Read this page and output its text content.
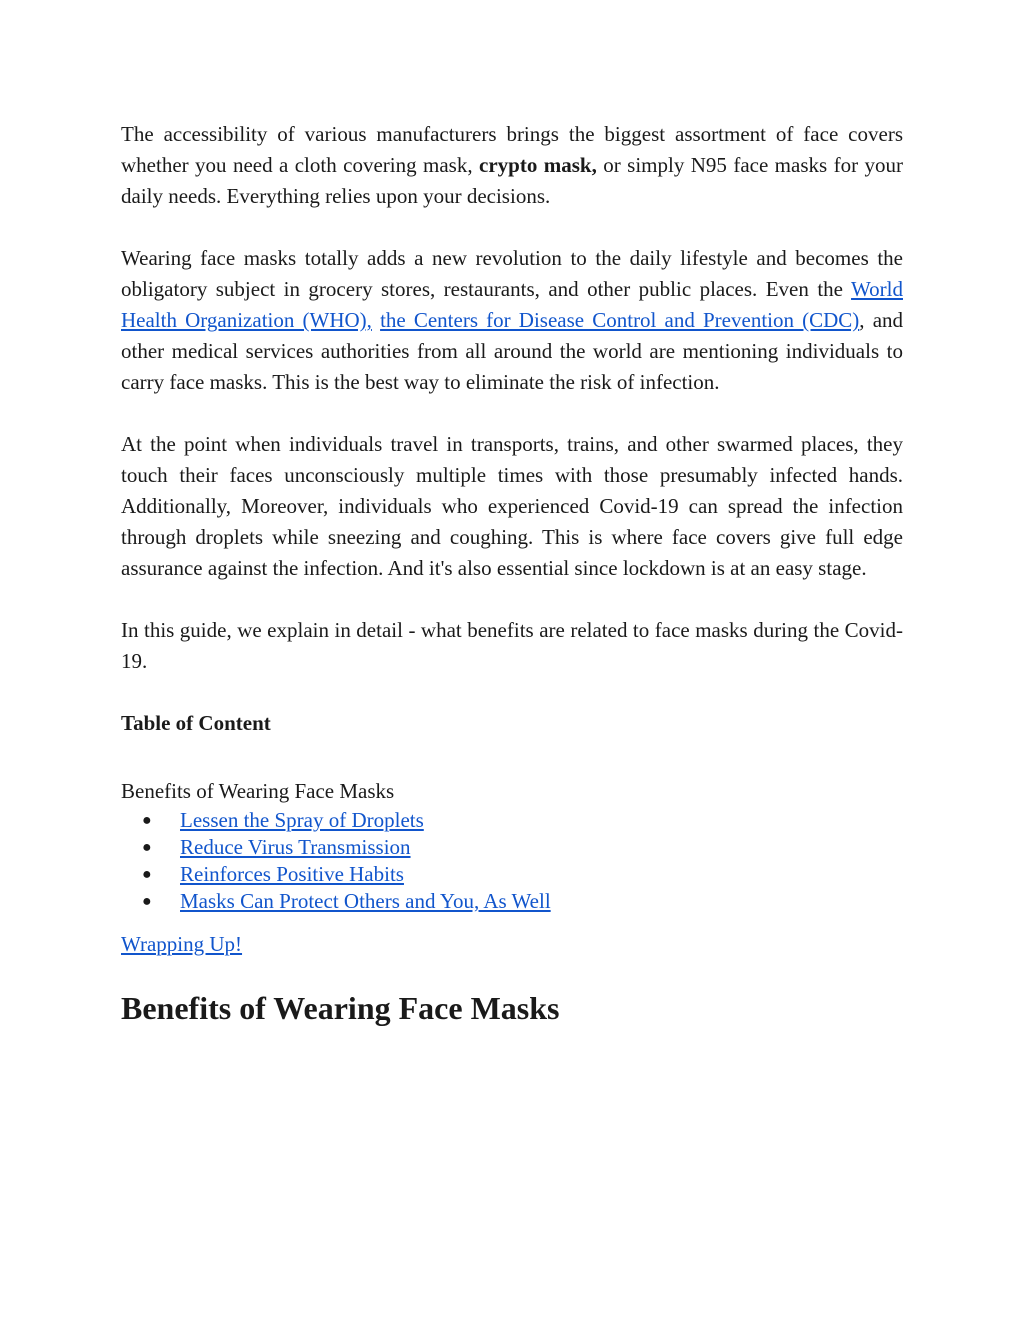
The accessibility of various manufacturers brings the biggest assortment of face covers whether you need a cloth covering mask, crypto mask, or simply N95 face masks for your daily needs. Everything relies upon your decisions.

Wearing face masks totally adds a new revolution to the daily lifestyle and becomes the obligatory subject in grocery stores, restaurants, and other public places. Even the World Health Organization (WHO), the Centers for Disease Control and Prevention (CDC), and other medical services authorities from all around the world are mentioning individuals to carry face masks. This is the best way to eliminate the risk of infection.

At the point when individuals travel in transports, trains, and other swarmed places, they touch their faces unconsciously multiple times with those presumably infected hands. Additionally, Moreover, individuals who experienced Covid-19 can spread the infection through droplets while sneezing and coughing. This is where face covers give full edge assurance against the infection. And it's also essential since lockdown is at an easy stage.

In this guide, we explain in detail - what benefits are related to face masks during the Covid-19.

Table of Content

Benefits of Wearing Face Masks

● Lessen the Spray of Droplets
● Reduce Virus Transmission
● Reinforces Positive Habits
● Masks Can Protect Others and You, As Well

Wrapping Up!

Benefits of Wearing Face Masks
